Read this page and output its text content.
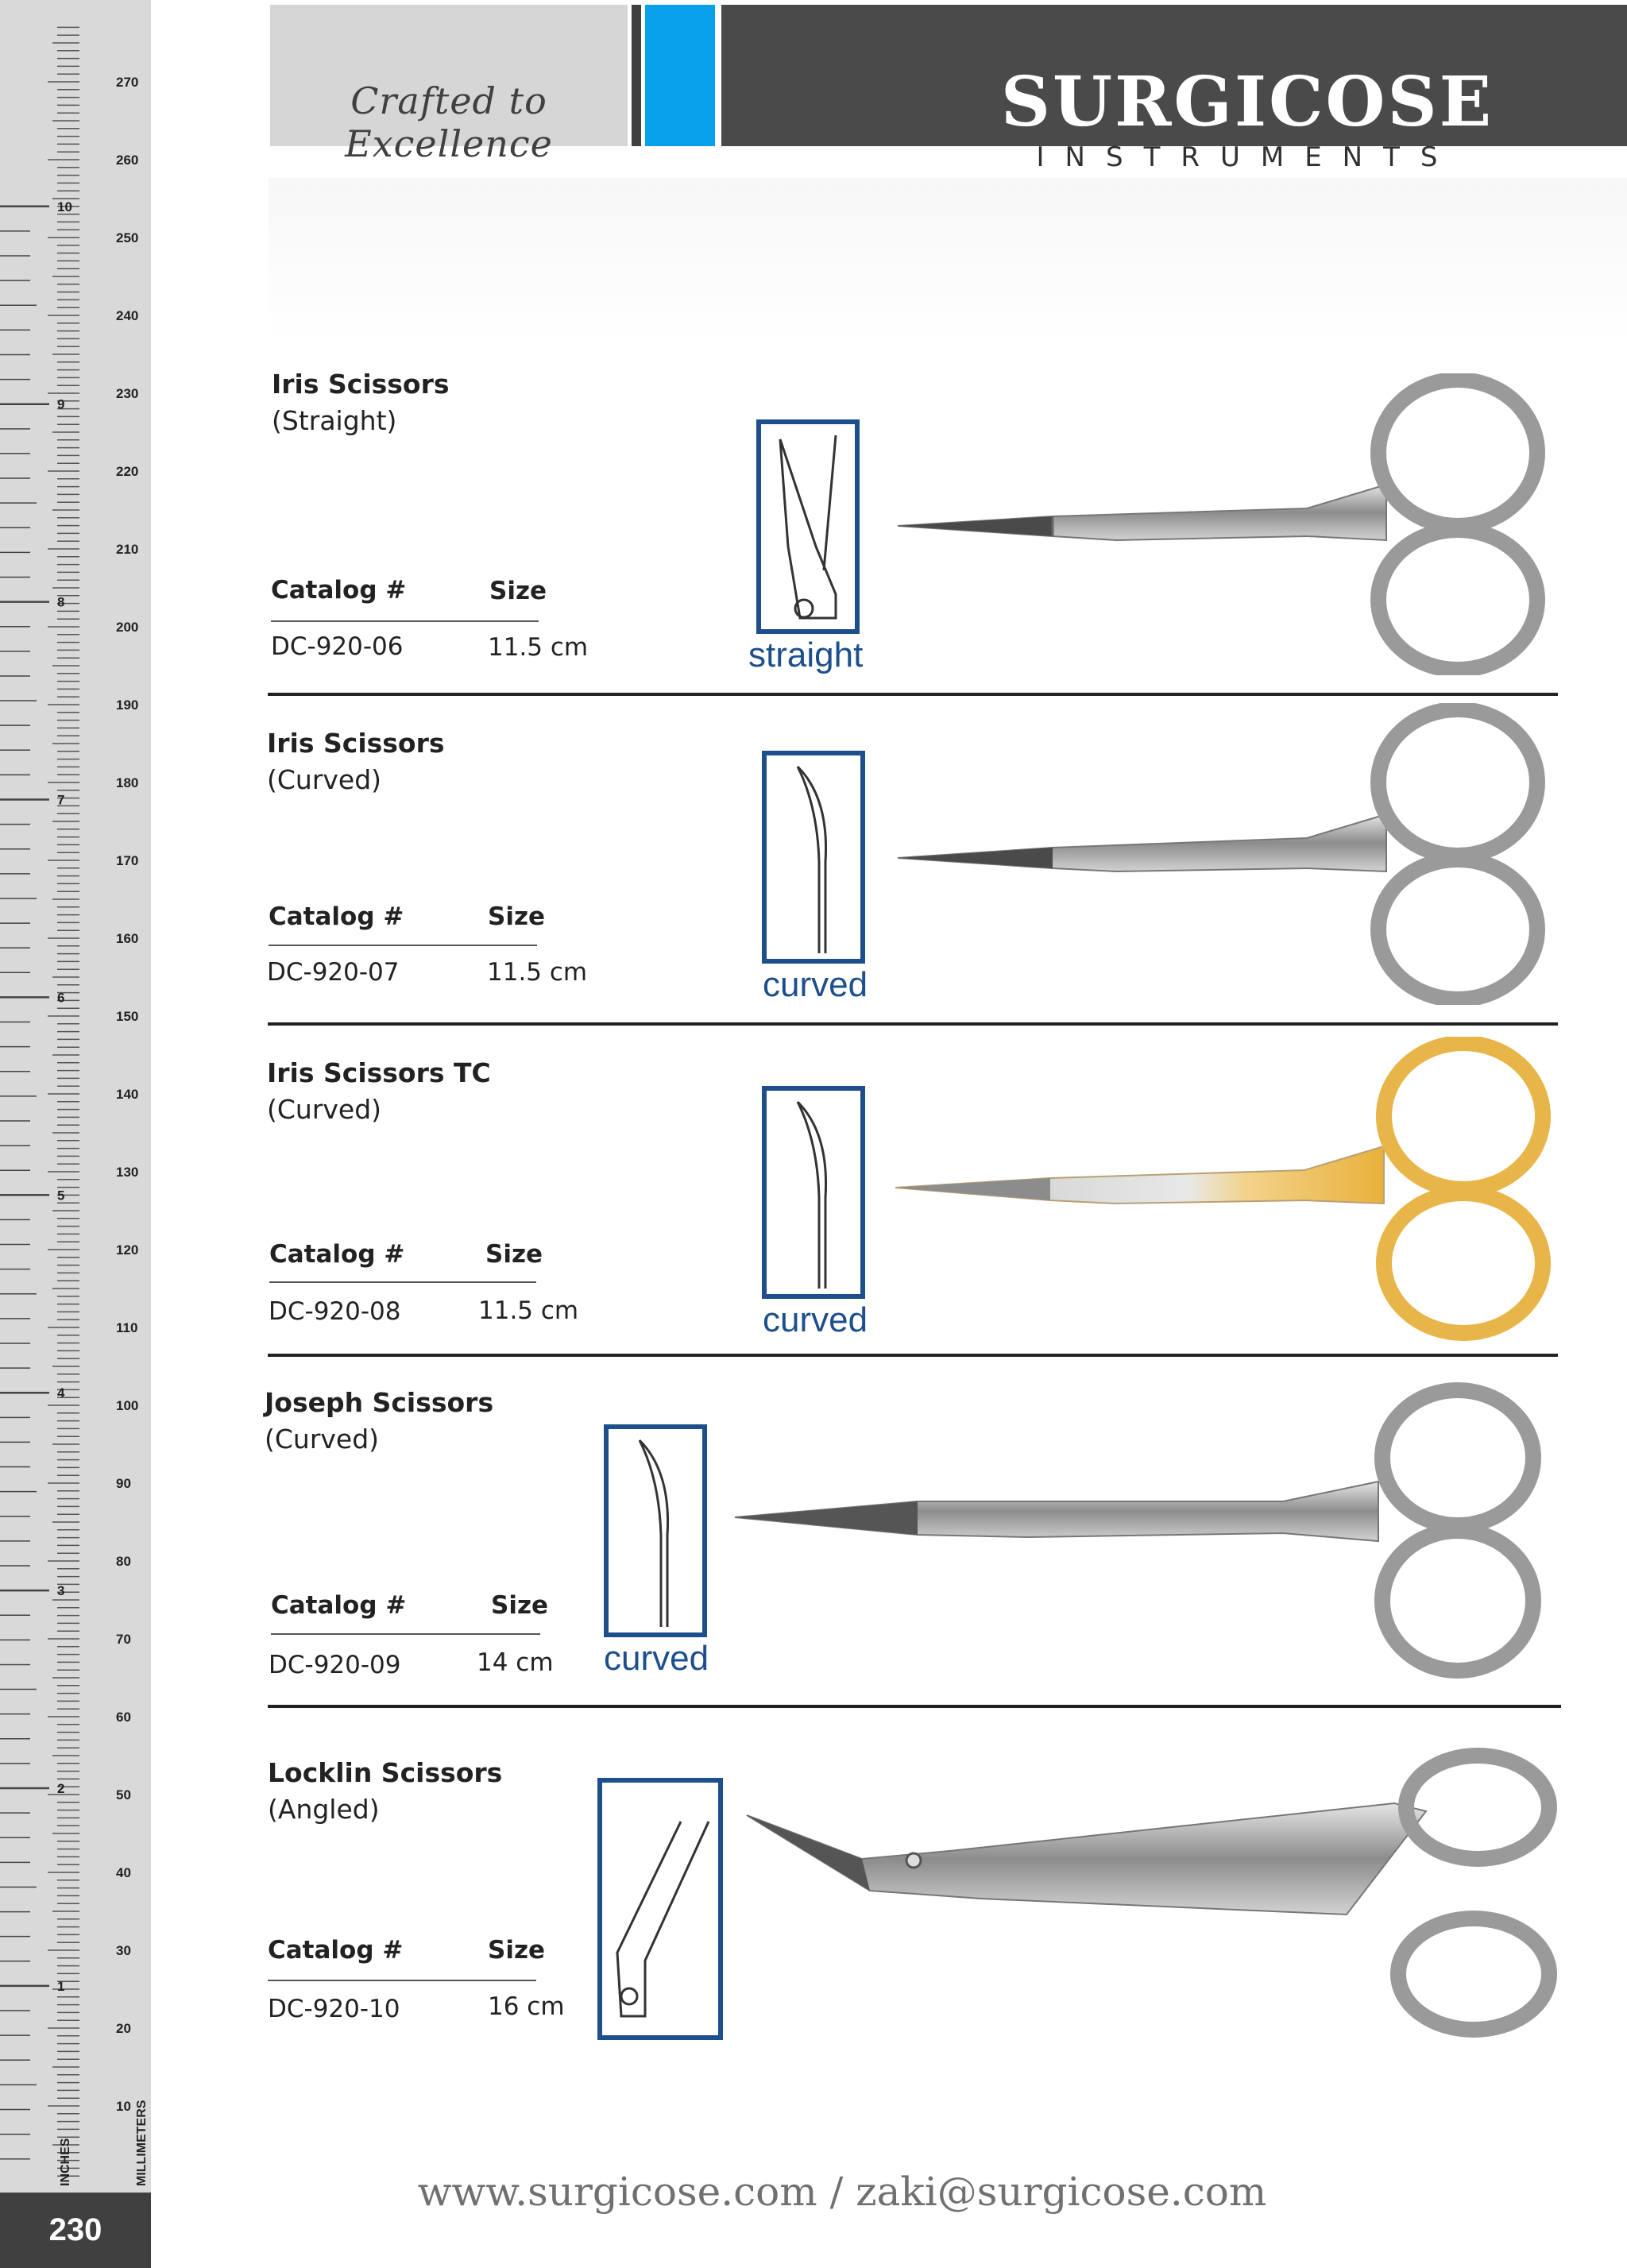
270
260
250
240
230
220
210
200
190
180
170
160
150
140
130
120
110
100
90
80
70
60
50
40
30
20
10
10
9
8
7
6
5
4
3
2
1
INCHES	MILLIMETERS
230
Crafted to Excellence
SURGICOSE
INSTRUMENTS
Iris Scissors
(Straight)
Catalog #	Size
DC-920-06	11.5 cm	straight
Iris Scissors
(Curved)
Catalog #	Size
DC-920-07	11.5 cm	curved
Iris Scissors TC
(Curved)
Catalog #	Size
DC-920-08	11.5 cm	curved
Joseph Scissors
(Curved)
Catalog #	Size
DC-920-09	14 cm curved
Locklin Scissors
(Angled)
Catalog #	Size
DC-920-10	16 cm
www.surgicose.com / zaki@surgicose.com
